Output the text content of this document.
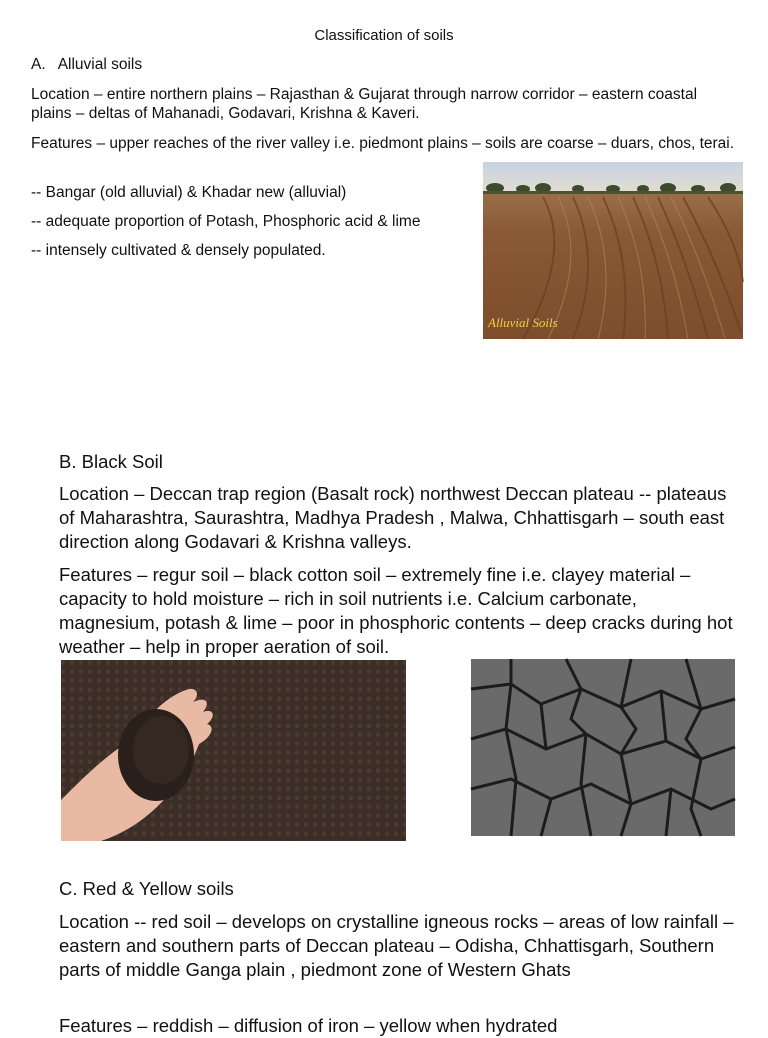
Classification of soils

A.   Alluvial soils

Location – entire northern plains – Rajasthan & Gujarat through narrow corridor – eastern coastal plains – deltas of Mahanadi, Godavari, Krishna & Kaveri.

Features – upper reaches of the river valley i.e. piedmont plains – soils are coarse – duars, chos, terai.

-- Bangar (old alluvial) & Khadar new (alluvial)

-- adequate proportion of Potash, Phosphoric acid & lime

-- intensely cultivated & densely populated.

Alluvial Soils

B. Black Soil

Location – Deccan trap region (Basalt rock) northwest Deccan plateau -- plateaus of Maharashtra, Saurashtra, Madhya Pradesh , Malwa, Chhattisgarh – south east direction along Godavari & Krishna valleys.

Features – regur soil – black cotton soil – extremely fine i.e. clayey material – capacity to hold moisture – rich in soil nutrients i.e. Calcium carbonate, magnesium, potash & lime – poor in phosphoric contents – deep cracks during hot weather – help in proper aeration of soil.

C. Red & Yellow soils

Location -- red soil – develops on crystalline igneous rocks – areas of low rainfall – eastern and southern parts of Deccan plateau – Odisha, Chhattisgarh, Southern parts of middle Ganga plain , piedmont zone of Western Ghats

Features – reddish – diffusion of iron – yellow when hydrated
